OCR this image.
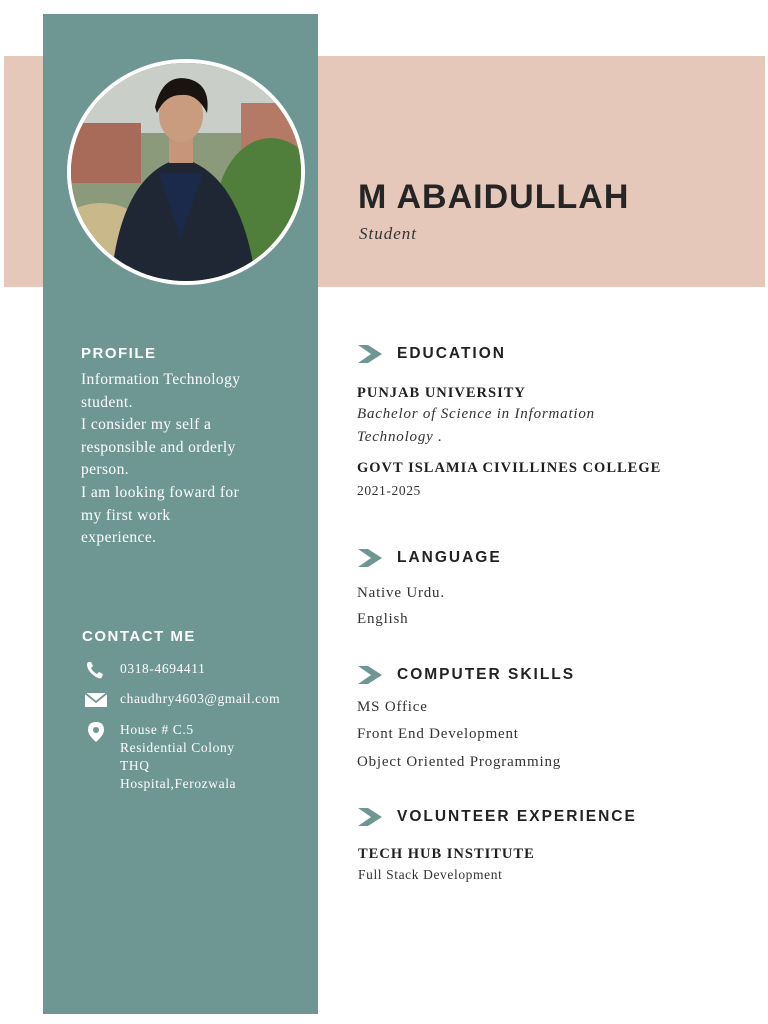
M ABAIDULLAH
Student
PROFILE
Information Technology
student.
I consider my self a
responsible and orderly
person.
I am looking foward for
my first work
experience.
CONTACT ME
0318-4694411
chaudhry4603@gmail.com
House # C.5
Residential Colony
THQ
Hospital,Ferozwala
EDUCATION
PUNJAB UNIVERSITY
Bachelor of Science in Information
Technology .
GOVT ISLAMIA CIVILLINES COLLEGE
2021-2025
LANGUAGE
Native Urdu.
English
COMPUTER SKILLS
MS Office
Front End Development
Object Oriented Programming
VOLUNTEER EXPERIENCE
TECH HUB INSTITUTE
Full Stack Development
